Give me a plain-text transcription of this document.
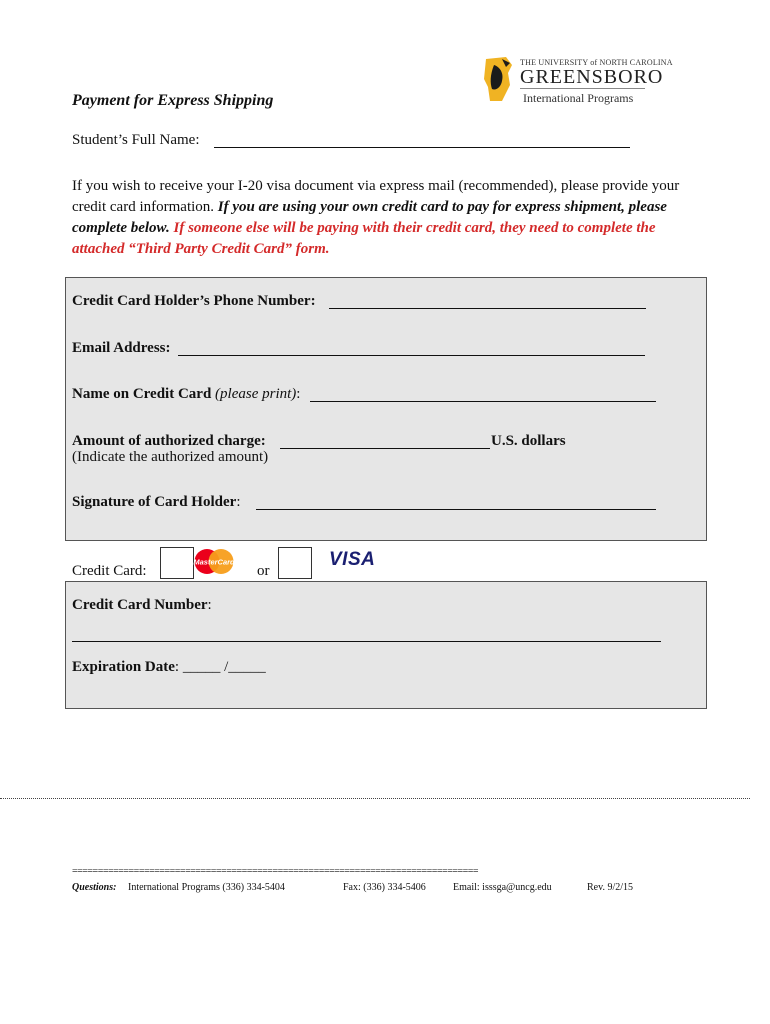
THE UNIVERSITY of NORTH CAROLINA
GREENSBORO
International Programs
Payment for Express Shipping
Student’s Full Name:
If you wish to receive your I-20 visa document via express mail (recommended), please provide your credit card information. If you are using your own credit card to pay for express shipment, please complete below. If someone else will be paying with their credit card, they need to complete the attached “Third Party Credit Card” form.
Credit Card Holder’s Phone Number:
Email Address:
Name on Credit Card (please print):
Amount of authorized charge:	U.S. dollars
(Indicate the authorized amount)
Signature of Card Holder:
Credit Card:
MasterCard
or
VISA
Credit Card Number:
Expiration Date: _____ /_____
===============================================================================
Questions: International Programs (336) 334-5404	Fax: (336) 334-5406	Email: isssga@uncg.edu	Rev. 9/2/15
